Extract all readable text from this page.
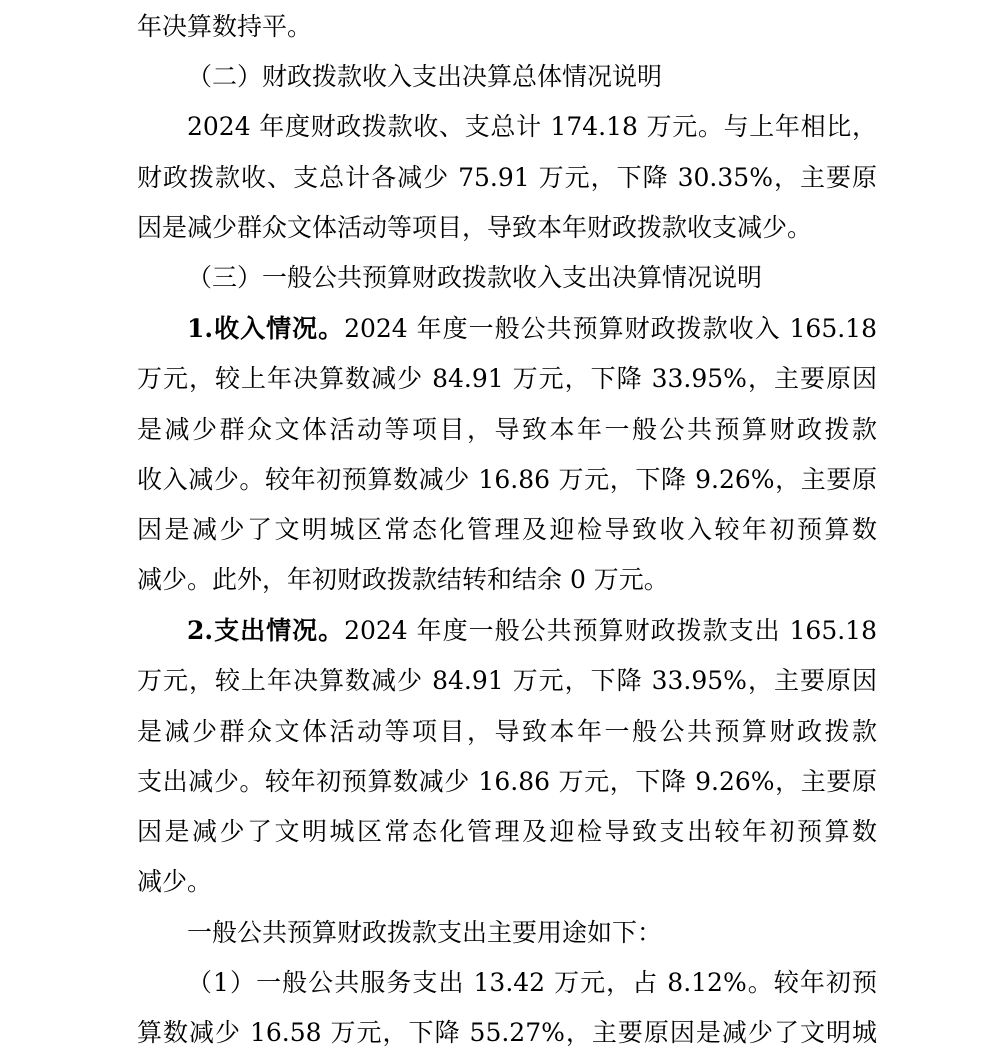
年决算数持平。
（二）财政拨款收入支出决算总体情况说明
2024 年度财政拨款收、支总计 174.18 万元。与上年相比，
财政拨款收、支总计各减少 75.91 万元，下降 30.35%，主要原
因是减少群众文体活动等项目，导致本年财政拨款收支减少。
（三）一般公共预算财政拨款收入支出决算情况说明
1.收入情况。2024 年度一般公共预算财政拨款收入 165.18
万元，较上年决算数减少 84.91 万元，下降 33.95%，主要原因
是减少群众文体活动等项目，导致本年一般公共预算财政拨款
收入减少。较年初预算数减少 16.86 万元，下降 9.26%，主要原
因是减少了文明城区常态化管理及迎检导致收入较年初预算数
减少。此外，年初财政拨款结转和结余 0 万元。
2.支出情况。2024 年度一般公共预算财政拨款支出 165.18
万元，较上年决算数减少 84.91 万元，下降 33.95%，主要原因
是减少群众文体活动等项目，导致本年一般公共预算财政拨款
支出减少。较年初预算数减少 16.86 万元，下降 9.26%，主要原
因是减少了文明城区常态化管理及迎检导致支出较年初预算数
减少。
一般公共预算财政拨款支出主要用途如下：
（1）一般公共服务支出 13.42 万元，占 8.12%。较年初预
算数减少 16.58 万元，下降 55.27%，主要原因是减少了文明城
